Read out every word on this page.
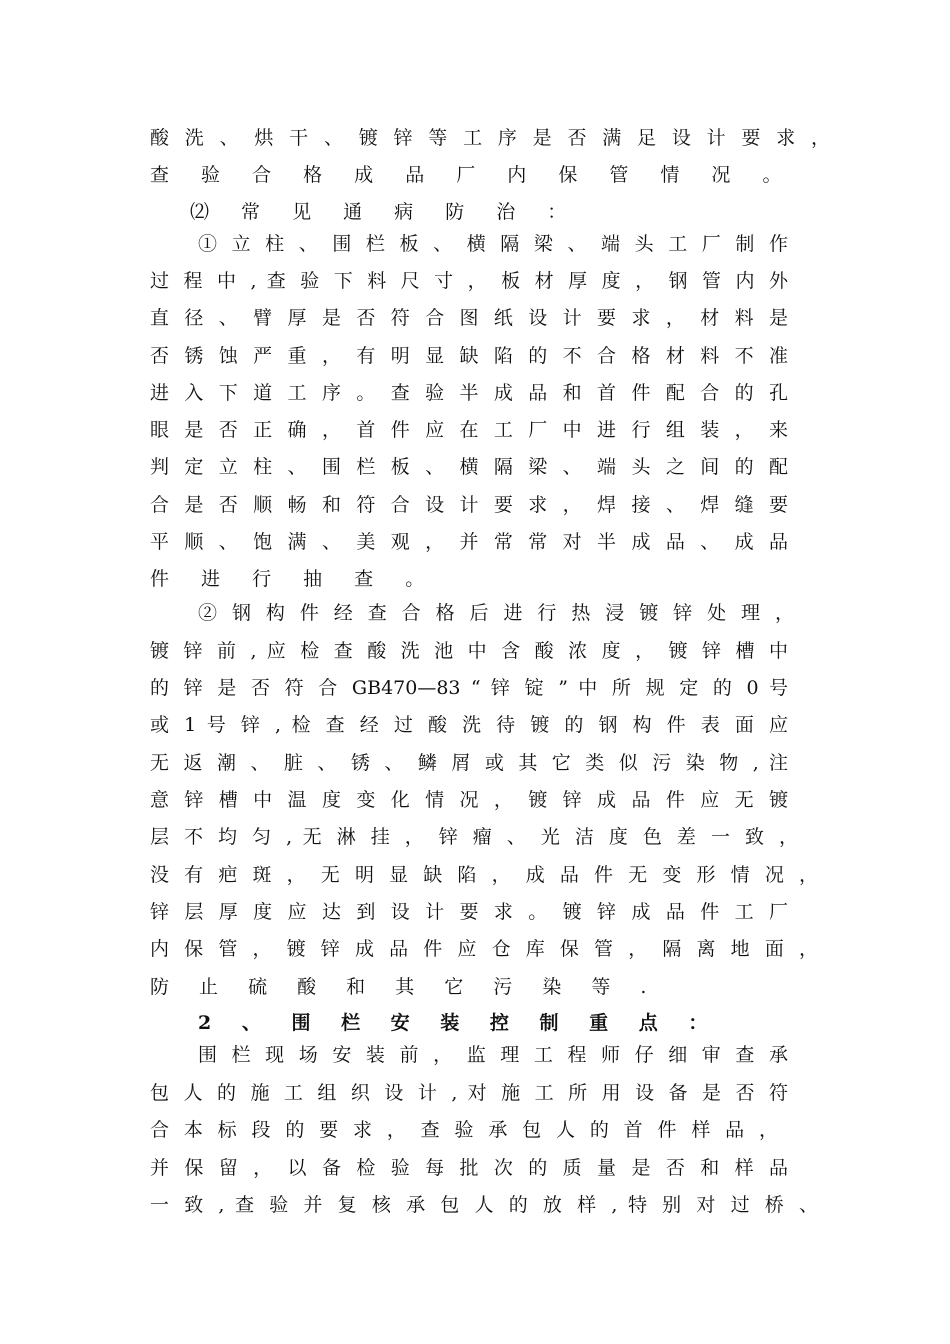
酸 洗 、 烘 干 、 镀 锌 等 工 序 是 否 满 足 设 计 要 求 ，
查 验 合 格 成 品 厂 内 保 管 情 况 。
⑵ 常 见 通 病 防 治 ：
① 立 柱 、 围 栏 板 、 横 隔 梁 、 端 头 工 厂 制 作
过 程 中 , 查 验 下 料 尺 寸 ， 板 材 厚 度 ， 钢 管 内 外
直 径 、 臂 厚 是 否 符 合 图 纸 设 计 要 求 ， 材 料 是
否 锈 蚀 严 重 ， 有 明 显 缺 陷 的 不 合 格 材 料 不 准
进 入 下 道 工 序 。 查 验 半 成 品 和 首 件 配 合 的 孔
眼 是 否 正 确 ， 首 件 应 在 工 厂 中 进 行 组 装 ， 来
判 定 立 柱 、 围 栏 板 、 横 隔 梁 、 端 头 之 间 的 配
合 是 否 顺 畅 和 符 合 设 计 要 求 ， 焊 接 、 焊 缝 要
平 顺 、 饱 满 、 美 观 ， 并 常 常 对 半 成 品 、 成 品
件 进 行 抽 查 。
② 钢 构 件 经 查 合 格 后 进 行 热 浸 镀 锌 处 理 ，
镀 锌 前 , 应 检 查 酸 洗 池 中 含 酸 浓 度 ， 镀 锌 槽 中
的 锌 是 否 符 合 GB470—83 “ 锌 锭 ” 中 所 规 定 的 0 号
或 1 号 锌 , 检 查 经 过 酸 洗 待 镀 的 钢 构 件 表 面 应
无 返 潮 、 脏 、 锈 、 鳞 屑 或 其 它 类 似 污 染 物 , 注
意 锌 槽 中 温 度 变 化 情 况 ， 镀 锌 成 品 件 应 无 镀
层 不 均 匀 , 无 淋 挂 ， 锌 瘤 、 光 洁 度 色 差 一 致 ，
没 有 疤 斑 ， 无 明 显 缺 陷 ， 成 品 件 无 变 形 情 况 ，
锌 层 厚 度 应 达 到 设 计 要 求 。 镀 锌 成 品 件 工 厂
内 保 管 ， 镀 锌 成 品 件 应 仓 库 保 管 ， 隔 离 地 面 ，
防 止 硫 酸 和 其 它 污 染 等 .
2 、 围 栏 安 装 控 制 重 点 ：
围 栏 现 场 安 装 前 ， 监 理 工 程 师 仔 细 审 查 承
包 人 的 施 工 组 织 设 计 , 对 施 工 所 用 设 备 是 否 符
合 本 标 段 的 要 求 ， 查 验 承 包 人 的 首 件 样 品 ，
并 保 留 ， 以 备 检 验 每 批 次 的 质 量 是 否 和 样 品
一 致 , 查 验 并 复 核 承 包 人 的 放 样 , 特 别 对 过 桥 、
